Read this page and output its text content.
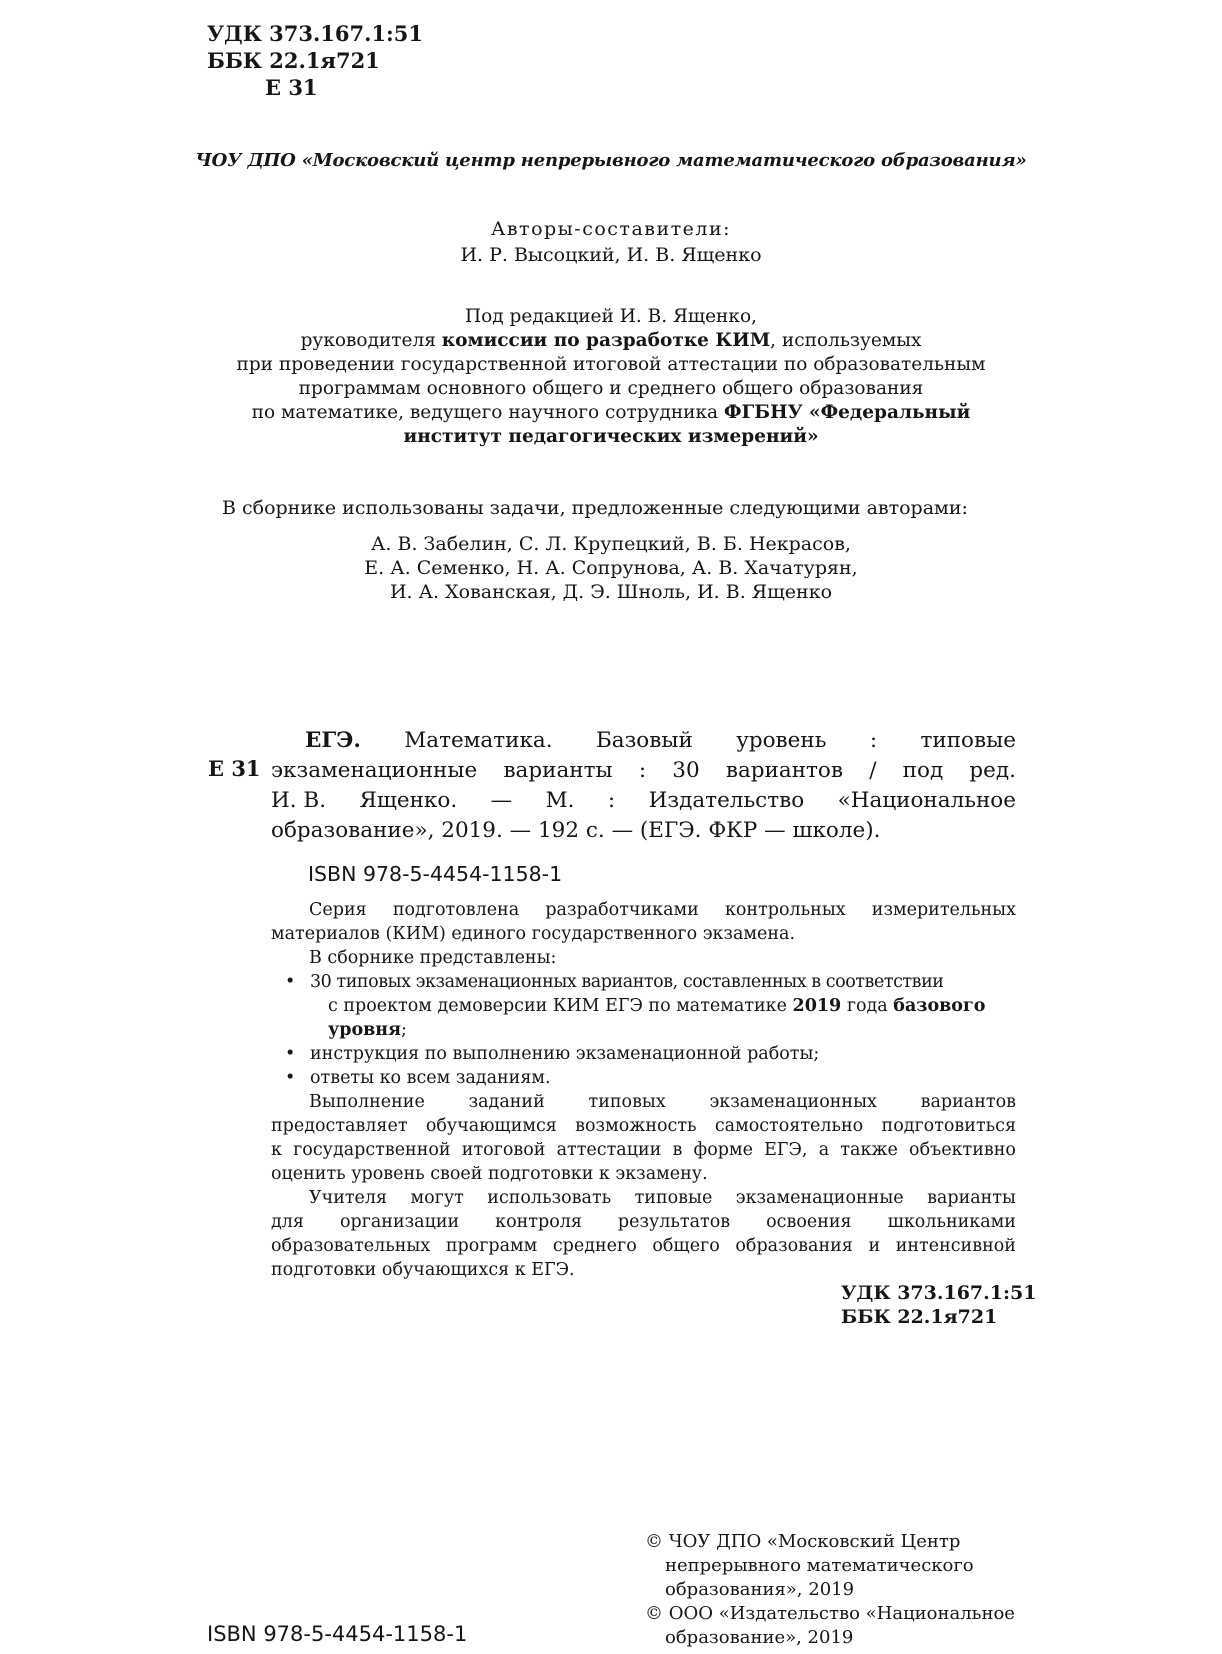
УДК 373.167.1:51
ББК 22.1я721
Е 31
ЧОУ ДПО «Московский центр непрерывного математического образования»
Авторы-составители:
И. Р. Высоцкий, И. В. Ященко
Под редакцией И. В. Ященко,
руководителя комиссии по разработке КИМ, используемых
при проведении государственной итоговой аттестации по образовательным
программам основного общего и среднего общего образования
по математике, ведущего научного сотрудника ФГБНУ «Федеральный
институт педагогических измерений»
В сборнике использованы задачи, предложенные следующими авторами:
А. В. Забелин, С. Л. Крупецкий, В. Б. Некрасов,
Е. А. Семенко, Н. А. Сопрунова, А. В. Хачатурян,
И. А. Хованская, Д. Э. Шноль, И. В. Ященко
Е 31
ЕГЭ. Математика. Базовый уровень : типовые
экзаменационные варианты : 30 вариантов / под ред.
И. В. Ященко. — М. : Издательство «Национальное
образование», 2019. — 192 с. — (ЕГЭ. ФКР — школе).
ISBN 978-5-4454-1158-1
Серия подготовлена разработчиками контрольных измерительных
материалов (КИМ) единого государственного экзамена.
В сборнике представлены:
• 30 типовых экзаменационных вариантов, составленных в соответствии
с проектом демоверсии КИМ ЕГЭ по математике 2019 года базового
уровня;
• инструкция по выполнению экзаменационной работы;
• ответы ко всем заданиям.
Выполнение	заданий	типовых	экзаменационных	вариантов
предоставляет обучающимся возможность самостоятельно подготовиться
к государственной итоговой аттестации в форме ЕГЭ, а также объективно
оценить уровень своей подготовки к экзамену.
Учителя могут использовать типовые экзаменационные варианты
для организации контроля результатов освоения школьниками
образовательных программ среднего общего образования и интенсивной
подготовки обучающихся к ЕГЭ.
УДК 373.167.1:51
ББК 22.1я721
© ЧОУ ДПО «Московский Центр
непрерывного математического
образования», 2019
© ООО «Издательство «Национальное
образование», 2019
ISBN 978-5-4454-1158-1
